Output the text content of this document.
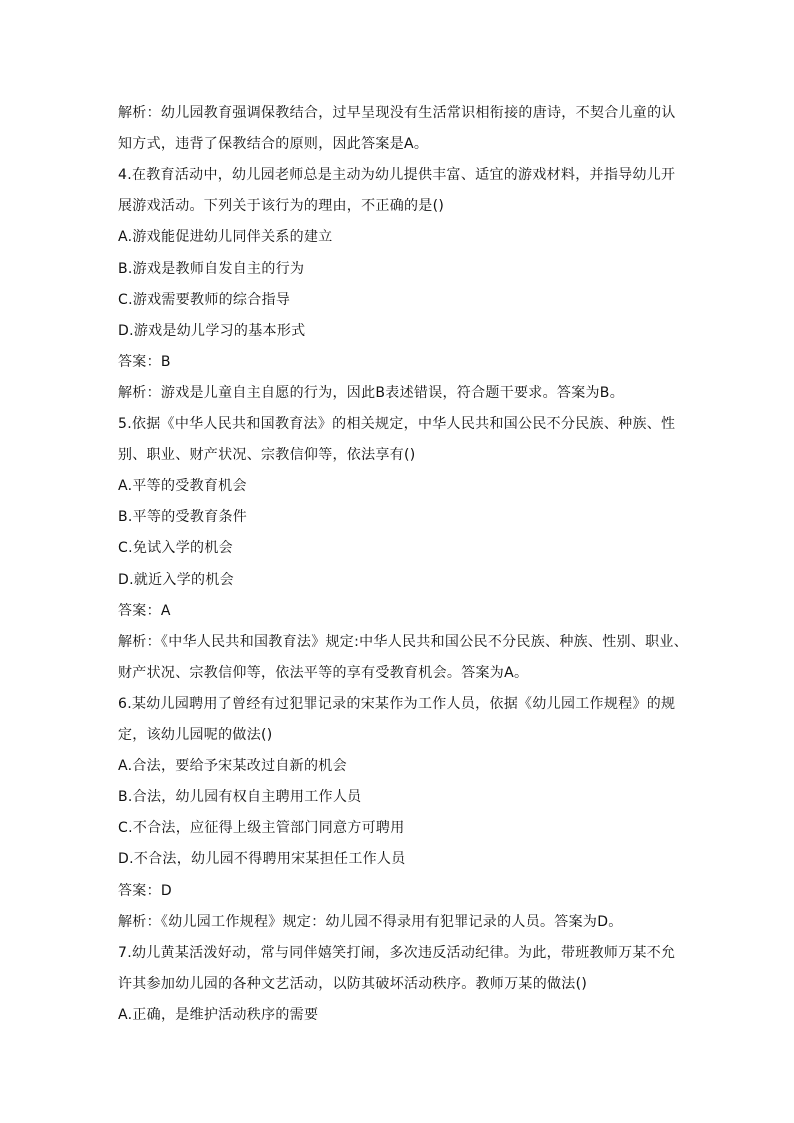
解析：幼儿园教育强调保教结合，过早呈现没有生活常识相衔接的唐诗，不契合儿童的认
知方式，违背了保教结合的原则，因此答案是A。
4.在教育活动中，幼儿园老师总是主动为幼儿提供丰富、适宜的游戏材料，并指导幼儿开
展游戏活动。下列关于该行为的理由，不正确的是()
A.游戏能促进幼儿同伴关系的建立
B.游戏是教师自发自主的行为
C.游戏需要教师的综合指导
D.游戏是幼儿学习的基本形式
答案：B
解析：游戏是儿童自主自愿的行为，因此B表述错误，符合题干要求。答案为B。
5.依据《中华人民共和国教育法》的相关规定，中华人民共和国公民不分民族、种族、性
别、职业、财产状况、宗教信仰等，依法享有()
A.平等的受教育机会
B.平等的受教育条件
C.免试入学的机会
D.就近入学的机会
答案：A
解析：《中华人民共和国教育法》规定:中华人民共和国公民不分民族、种族、性别、职业、
财产状况、宗教信仰等，依法平等的享有受教育机会。答案为A。
6.某幼儿园聘用了曾经有过犯罪记录的宋某作为工作人员，依据《幼儿园工作规程》的规
定，该幼儿园呢的做法()
A.合法，要给予宋某改过自新的机会
B.合法，幼儿园有权自主聘用工作人员
C.不合法，应征得上级主管部门同意方可聘用
D.不合法，幼儿园不得聘用宋某担任工作人员
答案：D
解析：《幼儿园工作规程》规定：幼儿园不得录用有犯罪记录的人员。答案为D。
7.幼儿黄某活泼好动，常与同伴嬉笑打闹，多次违反活动纪律。为此，带班教师万某不允
许其参加幼儿园的各种文艺活动，以防其破坏活动秩序。教师万某的做法()
A.正确，是维护活动秩序的需要
